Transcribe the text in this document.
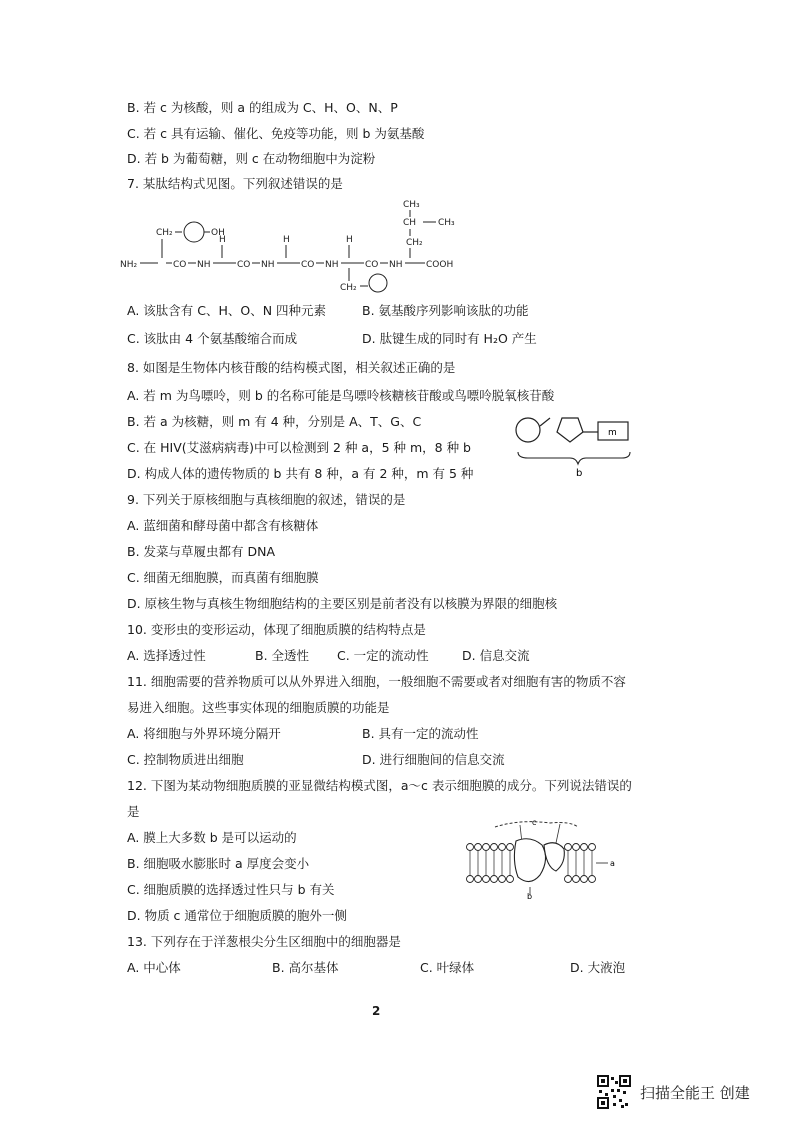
B. 若 c 为核酸，则 a 的组成为 C、H、O、N、P
C. 若 c 具有运输、催化、免疫等功能，则 b 为氨基酸
D. 若 b 为葡萄糖，则 c 在动物细胞中为淀粉
7. 某肽结构式见图。下列叙述错误的是
CH₃
CH CH₃
CH₂
CH₂	OH
H	H	H
NH₂	CO NH	CO NH	CO NH	CO NH	COOH
CH₂
A. 该肽含有 C、H、O、N 四种元素	B. 氨基酸序列影响该肽的功能
C. 该肽由 4 个氨基酸缩合而成	D. 肽键生成的同时有 H₂O 产生
8. 如图是生物体内核苷酸的结构模式图，相关叙述正确的是
A. 若 m 为鸟嘌呤，则 b 的名称可能是鸟嘌呤核糖核苷酸或鸟嘌呤脱氧核苷酸
B. 若 a 为核糖，则 m 有 4 种，分别是 A、T、G、C
C. 在 HIV(艾滋病病毒)中可以检测到 2 种 a，5 种 m，8 种 b
D. 构成人体的遗传物质的 b 共有 8 种，a 有 2 种，m 有 5 种
m
b
9. 下列关于原核细胞与真核细胞的叙述，错误的是
A. 蓝细菌和酵母菌中都含有核糖体
B. 发菜与草履虫都有 DNA
C. 细菌无细胞膜，而真菌有细胞膜
D. 原核生物与真核生物细胞结构的主要区别是前者没有以核膜为界限的细胞核
10. 变形虫的变形运动，体现了细胞质膜的结构特点是
A. 选择透过性	B. 全透性 C. 一定的流动性	D. 信息交流
11. 细胞需要的营养物质可以从外界进入细胞，一般细胞不需要或者对细胞有害的物质不容
易进入细胞。这些事实体现的细胞质膜的功能是
A. 将细胞与外界环境分隔开	B. 具有一定的流动性
C. 控制物质进出细胞	D. 进行细胞间的信息交流
12. 下图为某动物细胞质膜的亚显微结构模式图，a～c 表示细胞膜的成分。下列说法错误的
是
A. 膜上大多数 b 是可以运动的
B. 细胞吸水膨胀时 a 厚度会变小
C. 细胞质膜的选择透过性只与 b 有关
D. 物质 c 通常位于细胞质膜的胞外一侧
c
a
b
13. 下列存在于洋葱根尖分生区细胞中的细胞器是
A. 中心体	B. 高尔基体	C. 叶绿体	D. 大液泡
2
扫描全能王 创建
